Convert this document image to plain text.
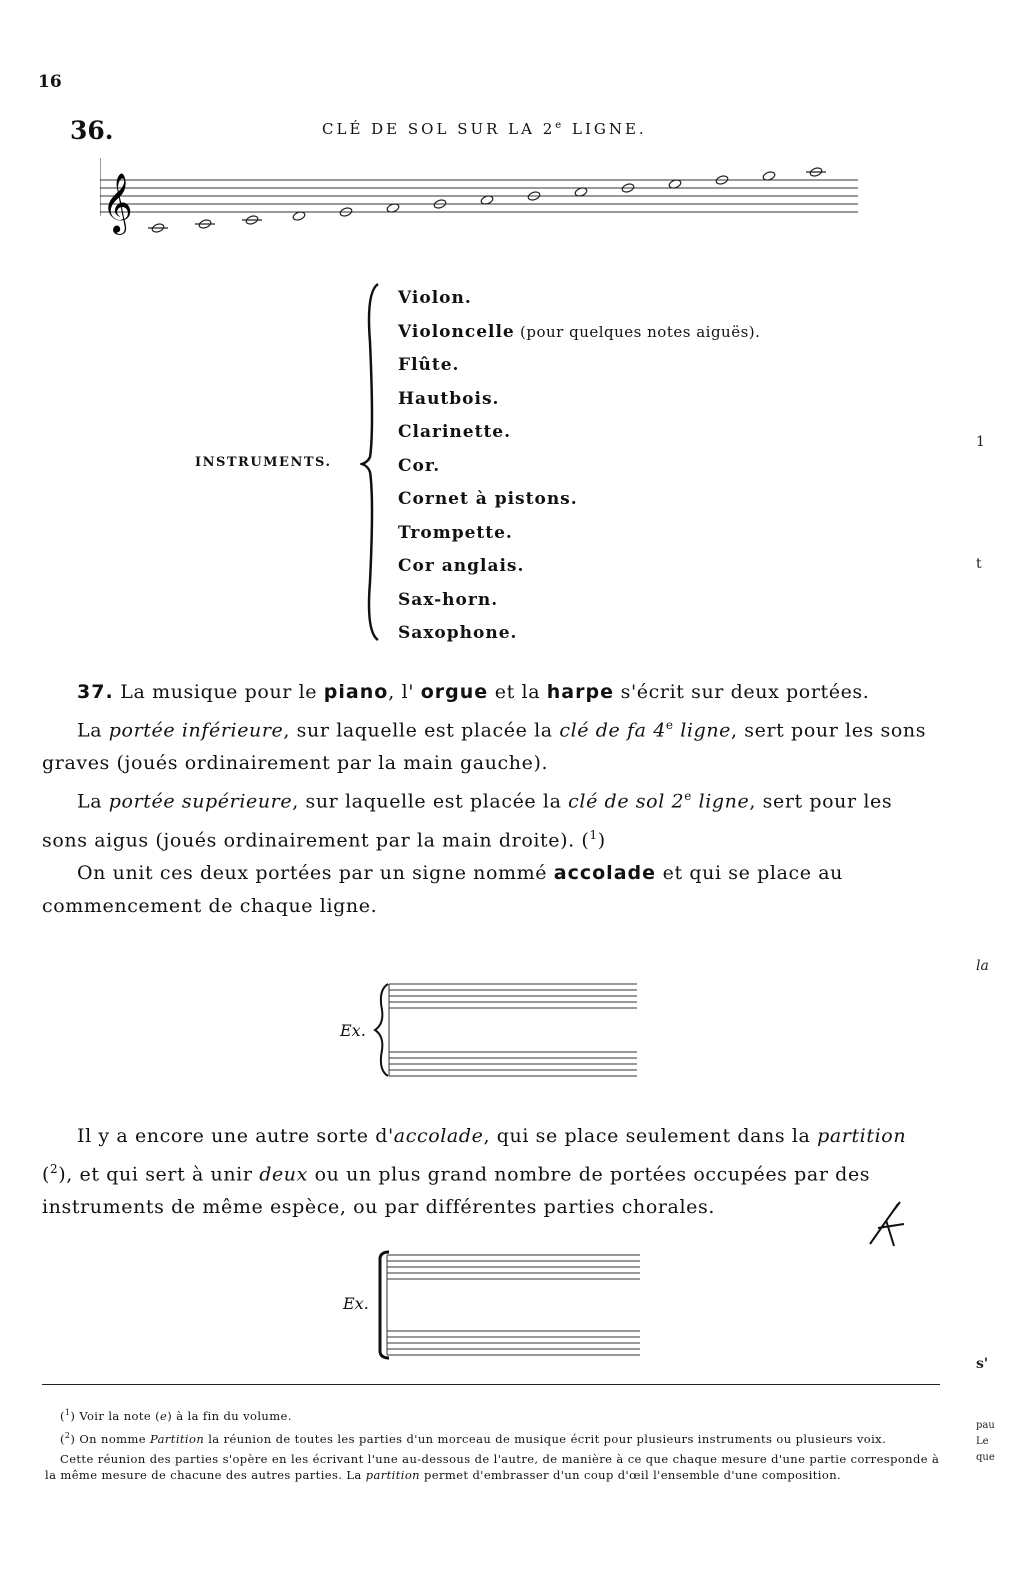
16
36.	CLÉ DE SOL SUR LA 2e LIGNE.
𝄞
INSTRUMENTS.
Violon.
Violoncelle (pour quelques notes aiguës).
Flûte.
Hautbois.
Clarinette.
Cor.
Cornet à pistons.
Trompette.
Cor anglais.
Sax-horn.
Saxophone.

37. La musique pour le piano, l' orgue et la harpe s'écrit sur deux portées.

La portée inférieure, sur laquelle est placée la clé de fa 4e ligne, sert pour les sons graves (joués ordinairement par la main gauche).

La portée supérieure, sur laquelle est placée la clé de sol 2e ligne, sert pour les sons aigus (joués ordinairement par la main droite). ($^1$)

On unit ces deux portées par un signe nommé accolade et qui se place au commencement de chaque ligne.

Ex.

Il y a encore une autre sorte d'accolade, qui se place seulement dans la partition ($^2$), et qui sert à unir deux ou un plus grand nombre de portées occupées par des instruments de même espèce, ou par différentes parties chorales.

Ex.

($^1$) Voir la note (e) à la fin du volume.

($^2$) On nomme Partition la réunion de toutes les parties d'un morceau de musique écrit pour plusieurs instruments ou plusieurs voix.

Cette réunion des parties s'opère en les écrivant l'une au-dessous de l'autre, de manière à ce que chaque mesure d'une partie corresponde à la même mesure de chacune des autres parties. La partition permet d'embrasser d'un coup d'œil l'ensemble d'une composition.

1
t
la
s'
pau
Le
que
